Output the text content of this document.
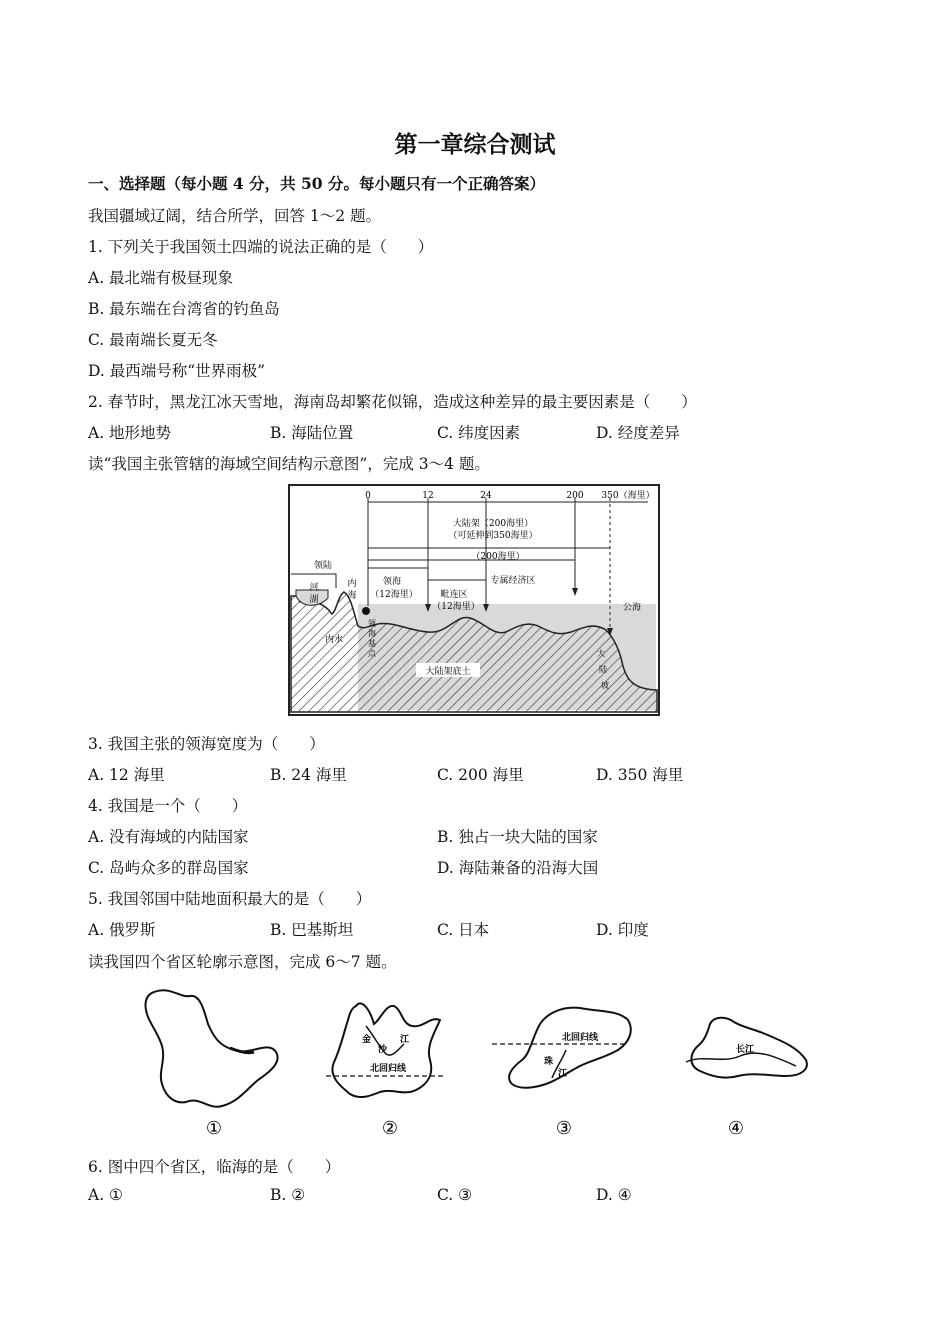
第一章综合测试
一、选择题（每小题 4 分，共 50 分。每小题只有一个正确答案）
我国疆域辽阔，结合所学，回答 1～2 题。
1. 下列关于我国领土四端的说法正确的是（　　）
A. 最北端有极昼现象
B. 最东端在台湾省的钓鱼岛
C. 最南端长夏无冬
D. 最西端号称“世界雨极”
2. 春节时，黑龙江冰天雪地，海南岛却繁花似锦，造成这种差异的最主要因素是（　　）
A. 地形地势	B. 海陆位置	C. 纬度因素	D. 经度差异
读“我国主张管辖的海域空间结构示意图”，完成 3～4 题。
0	12	24	200 350（海里）
大陆架（200海里）
（可延伸到350海里）
（200海里）
专属经济区
领海
（12海里）	毗连区
（12海里）
领陆
河
湖
内
海
内水
领
海
基
点
大陆架底土
大
陆
坡
公海
3. 我国主张的领海宽度为（　　）
A. 12 海里	B. 24 海里	C. 200 海里	D. 350 海里
4. 我国是一个（　　）
A. 没有海域的内陆国家	B. 独占一块大陆的国家
C. 岛屿众多的群岛国家	D. 海陆兼备的沿海大国
5. 我国邻国中陆地面积最大的是（　　）
A. 俄罗斯	B. 巴基斯坦	C. 日本	D. 印度
读我国四个省区轮廓示意图，完成 6～7 题。
①
金
沙
江
北回归线
②
北回归线
珠
江
③
长江
④
6. 图中四个省区，临海的是（　　）
A. ①	B. ②	C. ③	D. ④
